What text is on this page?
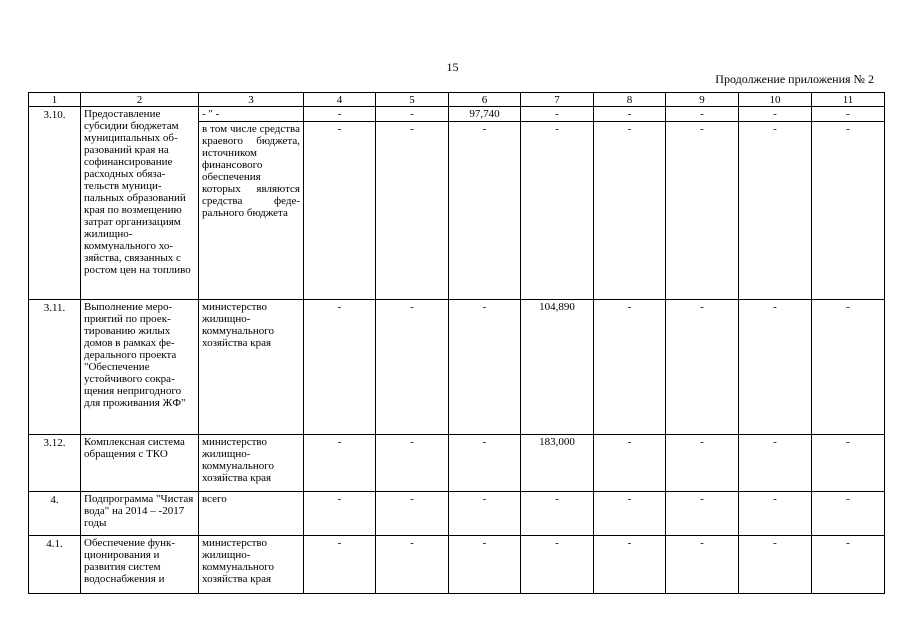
15
Продолжение приложения № 2
1	2	3	4	5	6	7	8	9	10	11
3.10.	Предоставление субсидии бюджетам муниципальных образований края на софинансирование расходных обязательств муниципальных образований края по возмещению затрат организациям жилищно-коммунального хозяйства, связанных с ростом цен на топливо	- " -	-	-	97,740	-	-	-	-	-
		в том числе средства краевого бюджета, источником финансового обеспечения которых являются средства федерального бюджета	-	-	-	-	-	-	-	-
3.11.	Выполнение мероприятий по проектированию жилых домов в рамках федерального проекта "Обеспечение устойчивого сокращения непригодного для проживания ЖФ"	министерство жилищно-коммунального хозяйства края	-	-	-	104,890	-	-	-	-
3.12.	Комплексная система обращения с ТКО	министерство жилищно-коммунального хозяйства края	-	-	-	183,000	-	-	-	-
4.	Подпрограмма "Чистая вода" на 2014 – -2017 годы	всего	-	-	-	-	-	-	-	-
4.1.	Обеспечение функционирования и развития систем водоснабжения и	министерство жилищно-коммунального хозяйства края	-	-	-	-	-	-	-	-
